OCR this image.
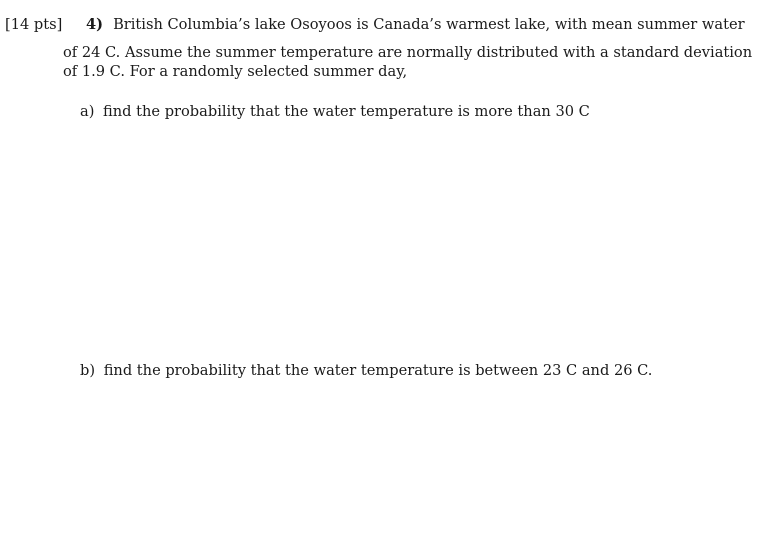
[14 pts] 4) British Columbia’s lake Osoyoos is Canada’s warmest lake, with mean summer water
of 24 C. Assume the summer temperature are normally distributed with a standard deviation
of 1.9 C. For a randomly selected summer day,
a) find the probability that the water temperature is more than 30 C
b) find the probability that the water temperature is between 23 C and 26 C.
